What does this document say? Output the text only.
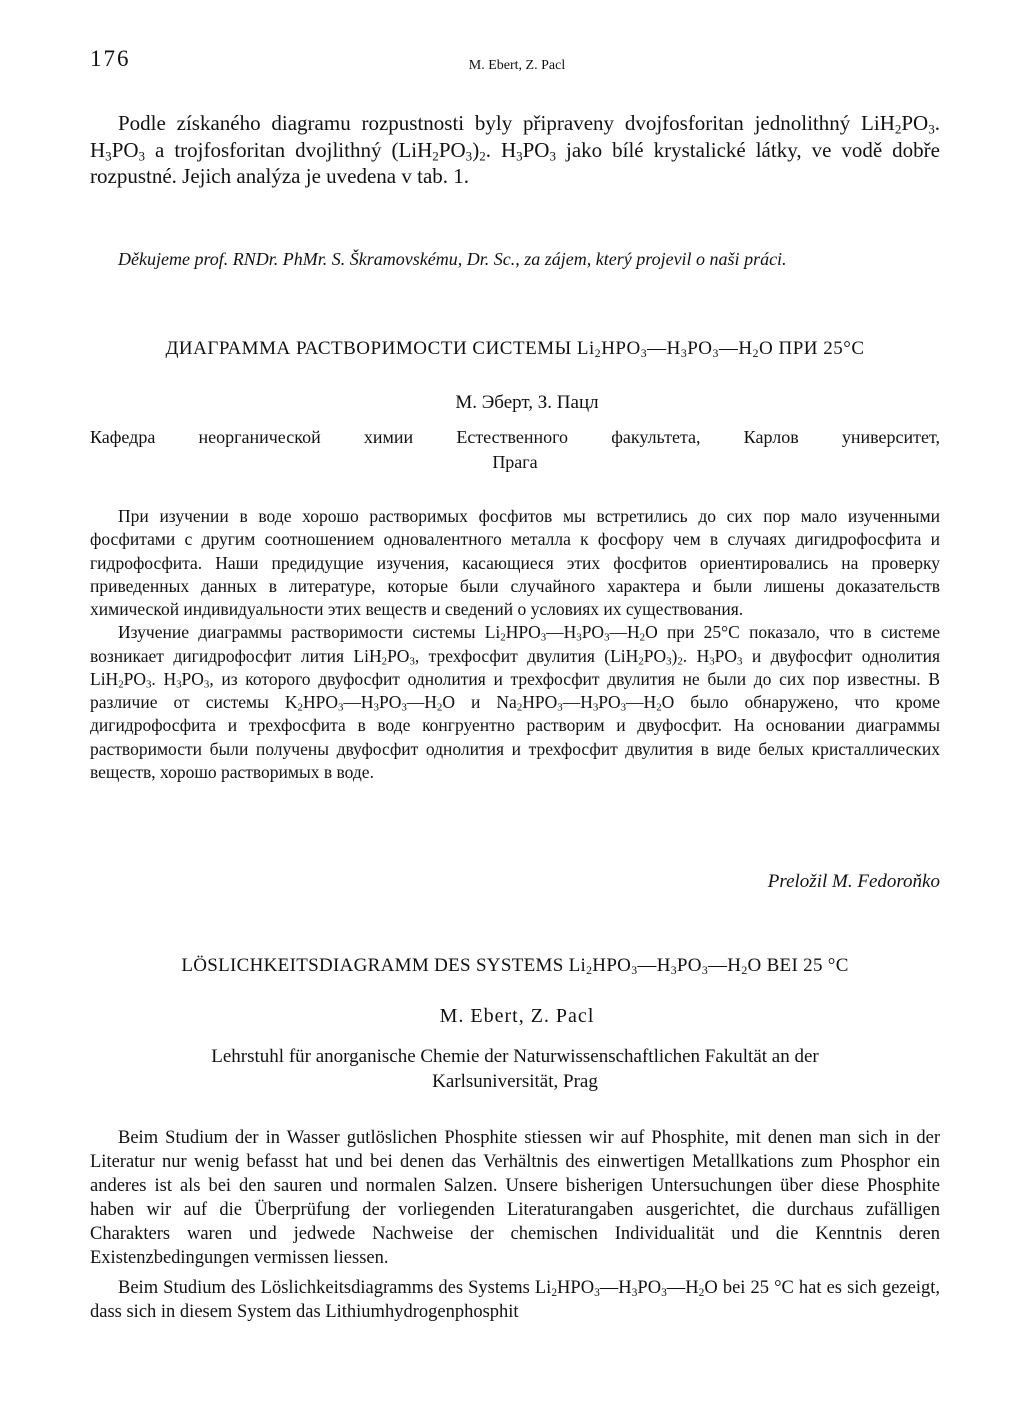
176	M. Ebert, Z. Pacl

Podle získaného diagramu rozpustnosti byly připraveny dvojfosforitan jednolithný $LiH_2PO_3$. $H_3PO_3$ a trojfosforitan dvojlithný $(LiH_2PO_3)_2$. $H_3PO_3$ jako bílé krystalické látky, ve vodě dobře rozpustné. Jejich analýza je uvedena v tab. 1.

Děkujeme prof. RNDr. PhMr. S. Škramovskému, Dr. Sc., za zájem, který projevil o naši práci.

ДИАГРАММА РАСТВОРИМОСТИ СИСТЕМЫ $Li_2HPO_3—H_3PO_3—H_2O$ ПРИ 25°C
М. Эберт, З. Пацл
Кафедра неорганической химии Естественного факультета, Карлов университет,
Прага

При изучении в воде хорошо растворимых фосфитов мы встретились до сих пор мало изученными фосфитами с другим соотношением одновалентного металла к фосфору чем в случаях дигидрофосфита и гидрофосфита. Наши предидущие изучения, касающиеся этих фосфитов ориентировались на проверку приведенных данных в литературе, которые были случайного характера и были лишены доказательств химической индивидуальности этих веществ и сведений о условиях их существования.

Изучение диаграммы растворимости системы $Li_2HPO_3—H_3PO_3—H_2O$ при 25°C показало, что в системе возникает дигидрофосфит лития $LiH_2PO_3$, трехфосфит двулития $(LiH_2PO_3)_2$. $H_3PO_3$ и двуфосфит однолития $LiH_2PO_3$. $H_3PO_3$, из которого двуфосфит однолития и трехфосфит двулития не были до сих пор известны. В различие от системы $K_2HPO_3—H_3PO_3—H_2O$ и $Na_2HPO_3—H_3PO_3—H_2O$ было обнаружено, что кроме дигидрофосфита и трехфосфита в воде конгруентно растворим и двуфосфит. На основании диаграммы растворимости были получены двуфосфит однолития и трехфосфит двулития в виде белых кристаллических веществ, хорошо растворимых в воде.

Preložil M. Fedoroňko
LÖSLICHKEITSDIAGRAMM DES SYSTEMS $Li_2HPO_3—H_3PO_3—H_2O$ BEI 25 °C
M. Ebert, Z. Pacl
Lehrstuhl für anorganische Chemie der Naturwissenschaftlichen Fakultät an der
Karlsuniversität, Prag

Beim Studium der in Wasser gutlöslichen Phosphite stiessen wir auf Phosphite, mit denen man sich in der Literatur nur wenig befasst hat und bei denen das Verhältnis des einwertigen Metallkations zum Phosphor ein anderes ist als bei den sauren und normalen Salzen. Unsere bisherigen Untersuchungen über diese Phosphite haben wir auf die Überprüfung der vorliegenden Literaturangaben ausgerichtet, die durchaus zufälligen Charakters waren und jedwede Nachweise der chemischen Individualität und die Kenntnis deren Existenzbedingungen vermissen liessen.

Beim Studium des Löslichkeitsdiagramms des Systems $Li_2HPO_3—H_3PO_3—H_2O$ bei 25 °C hat es sich gezeigt, dass sich in diesem System das Lithiumhydrogenphosphit
